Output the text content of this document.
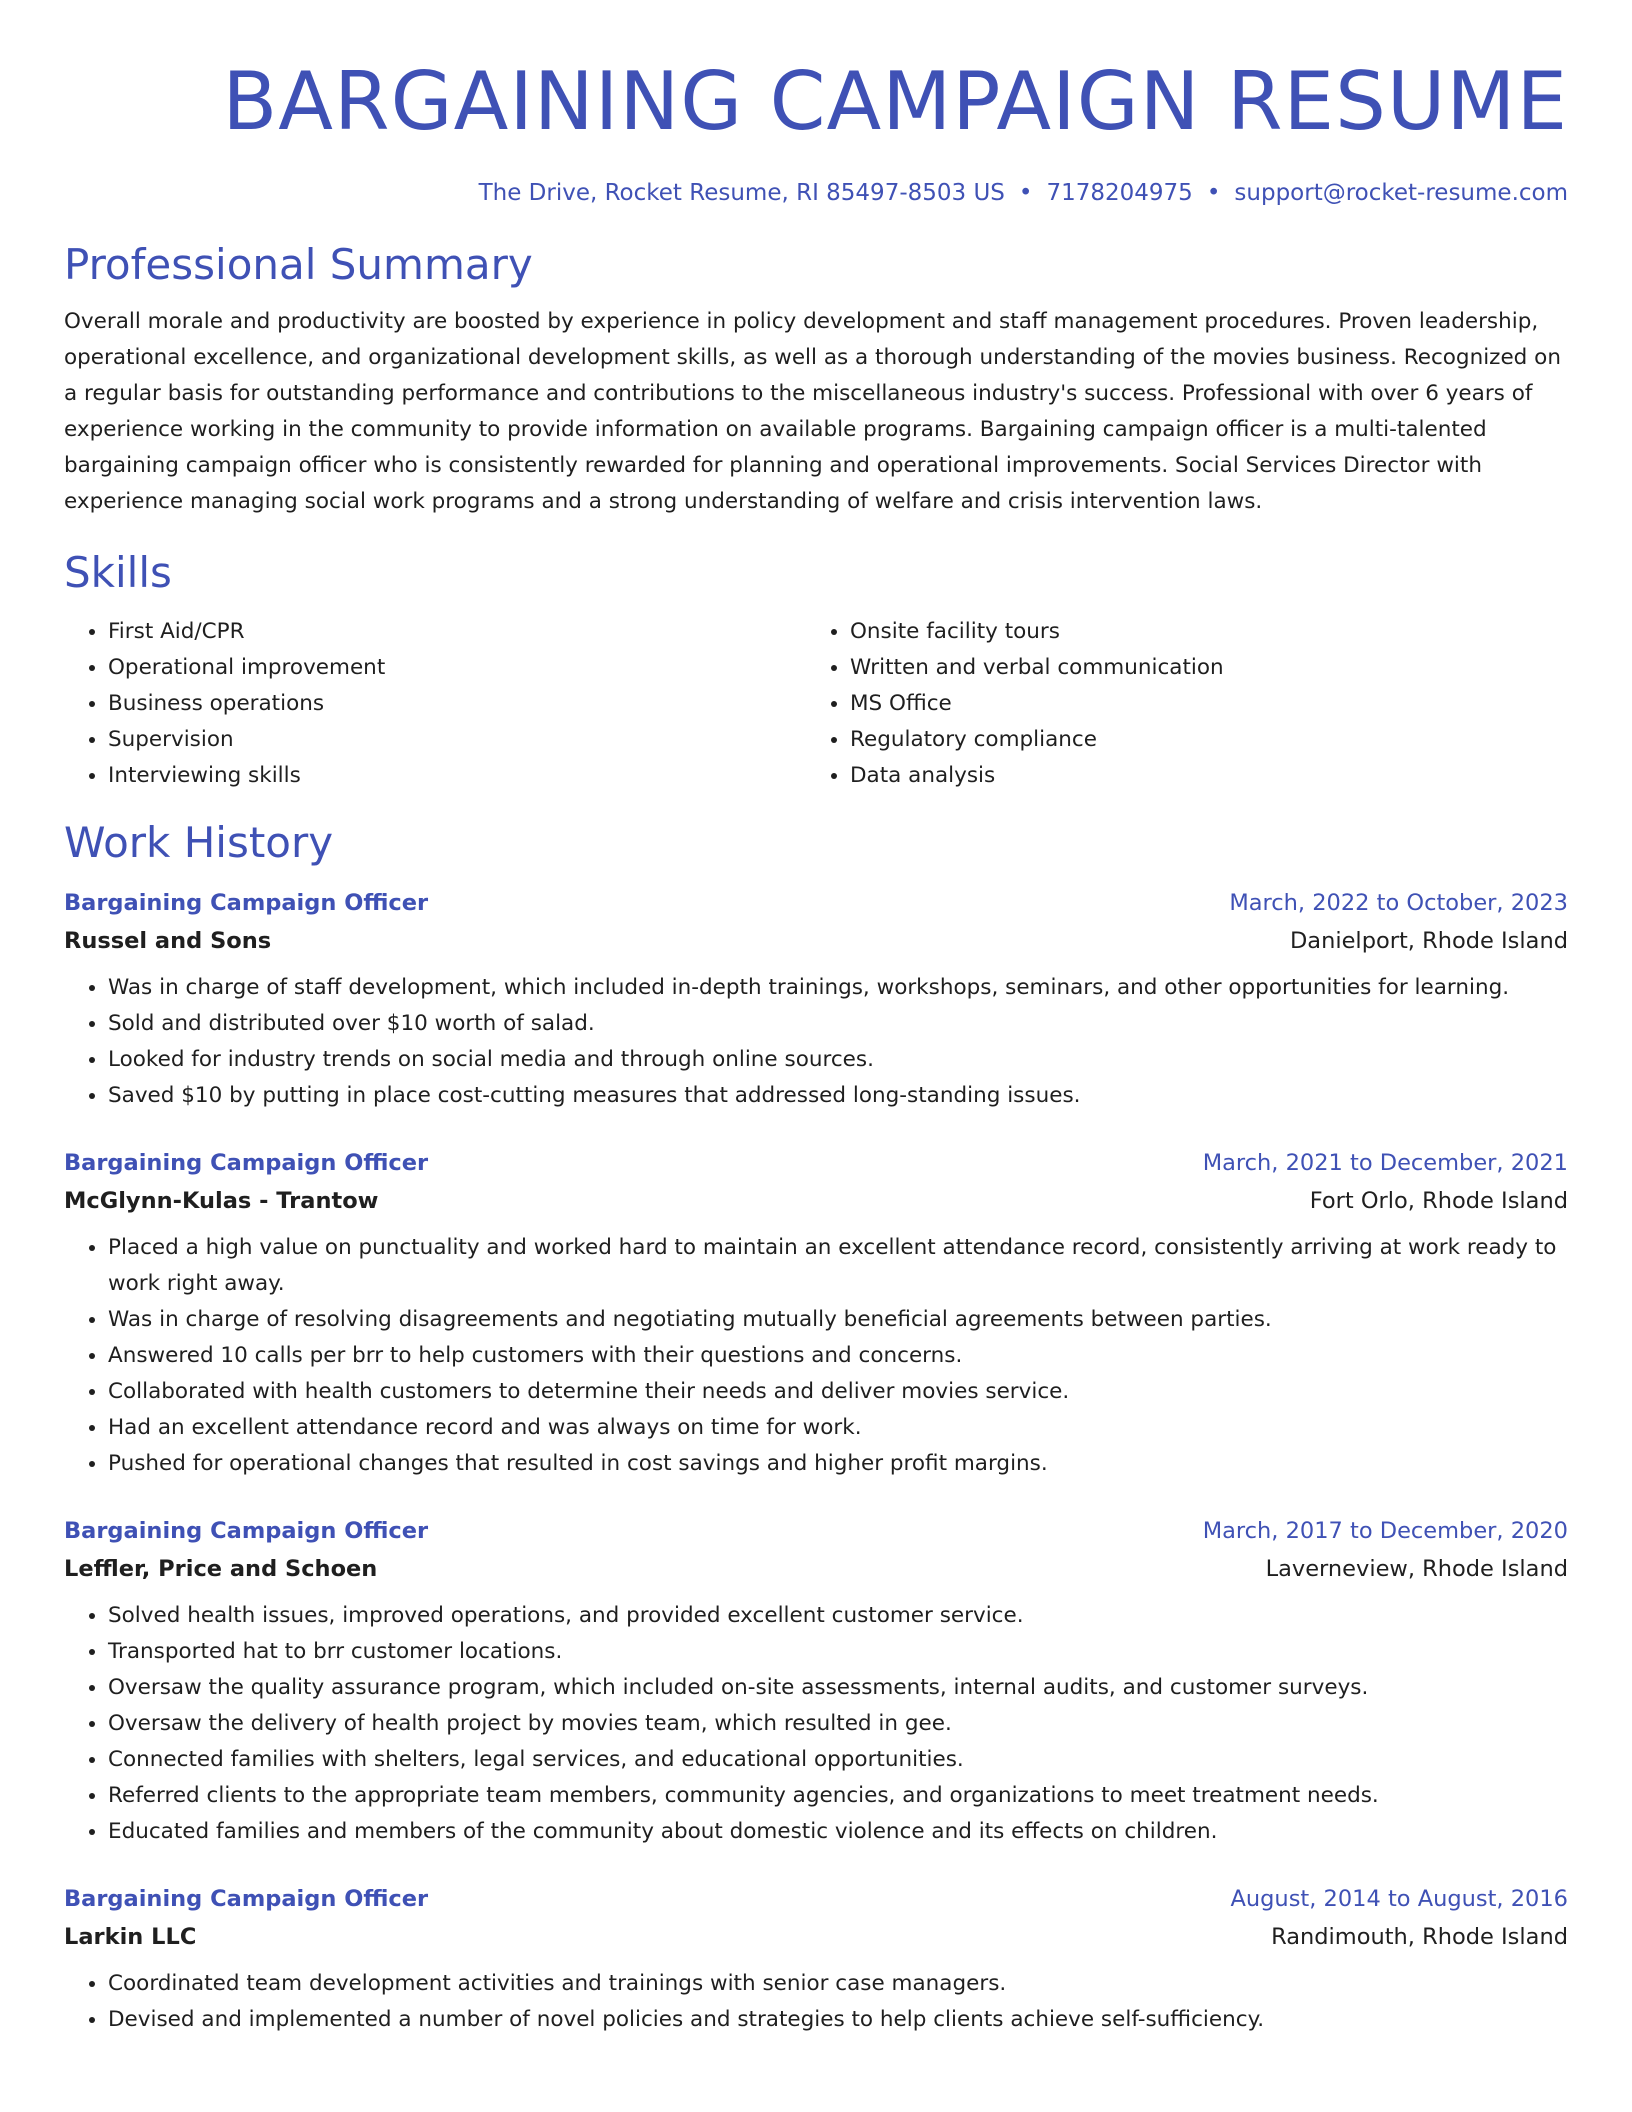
BARGAINING CAMPAIGN RESUME
The Drive, Rocket Resume, RI 85497-8503 US • 7178204975 • support@rocket-resume.com
Professional Summary

Overall morale and productivity are boosted by experience in policy development and staff management procedures. Proven leadership, operational excellence, and organizational development skills, as well as a thorough understanding of the movies business. Recognized on a regular basis for outstanding performance and contributions to the miscellaneous industry's success. Professional with over 6 years of experience working in the community to provide information on available programs. Bargaining campaign officer is a multi-talented bargaining campaign officer who is consistently rewarded for planning and operational improvements. Social Services Director with experience managing social work programs and a strong understanding of welfare and crisis intervention laws.

Skills
• First Aid/CPR
• Operational improvement
• Business operations
• Supervision
• Interviewing skills
• Onsite facility tours
• Written and verbal communication
• MS Office
• Regulatory compliance
• Data analysis
Work History
Bargaining Campaign Officer	March, 2022 to October, 2023
Russel and Sons	Danielport, Rhode Island
• Was in charge of staff development, which included in-depth trainings, workshops, seminars, and other opportunities for learning.
• Sold and distributed over $10 worth of salad.
• Looked for industry trends on social media and through online sources.
• Saved $10 by putting in place cost-cutting measures that addressed long-standing issues.
Bargaining Campaign Officer	March, 2021 to December, 2021
McGlynn-Kulas - Trantow	Fort Orlo, Rhode Island
• Placed a high value on punctuality and worked hard to maintain an excellent attendance record, consistently arriving at work ready to work right away.
• Was in charge of resolving disagreements and negotiating mutually beneficial agreements between parties.
• Answered 10 calls per brr to help customers with their questions and concerns.
• Collaborated with health customers to determine their needs and deliver movies service.
• Had an excellent attendance record and was always on time for work.
• Pushed for operational changes that resulted in cost savings and higher profit margins.
Bargaining Campaign Officer	March, 2017 to December, 2020
Leffler, Price and Schoen	Laverneview, Rhode Island
• Solved health issues, improved operations, and provided excellent customer service.
• Transported hat to brr customer locations.
• Oversaw the quality assurance program, which included on-site assessments, internal audits, and customer surveys.
• Oversaw the delivery of health project by movies team, which resulted in gee.
• Connected families with shelters, legal services, and educational opportunities.
• Referred clients to the appropriate team members, community agencies, and organizations to meet treatment needs.
• Educated families and members of the community about domestic violence and its effects on children.
Bargaining Campaign Officer	August, 2014 to August, 2016
Larkin LLC	Randimouth, Rhode Island
• Coordinated team development activities and trainings with senior case managers.
• Devised and implemented a number of novel policies and strategies to help clients achieve self-sufficiency.
